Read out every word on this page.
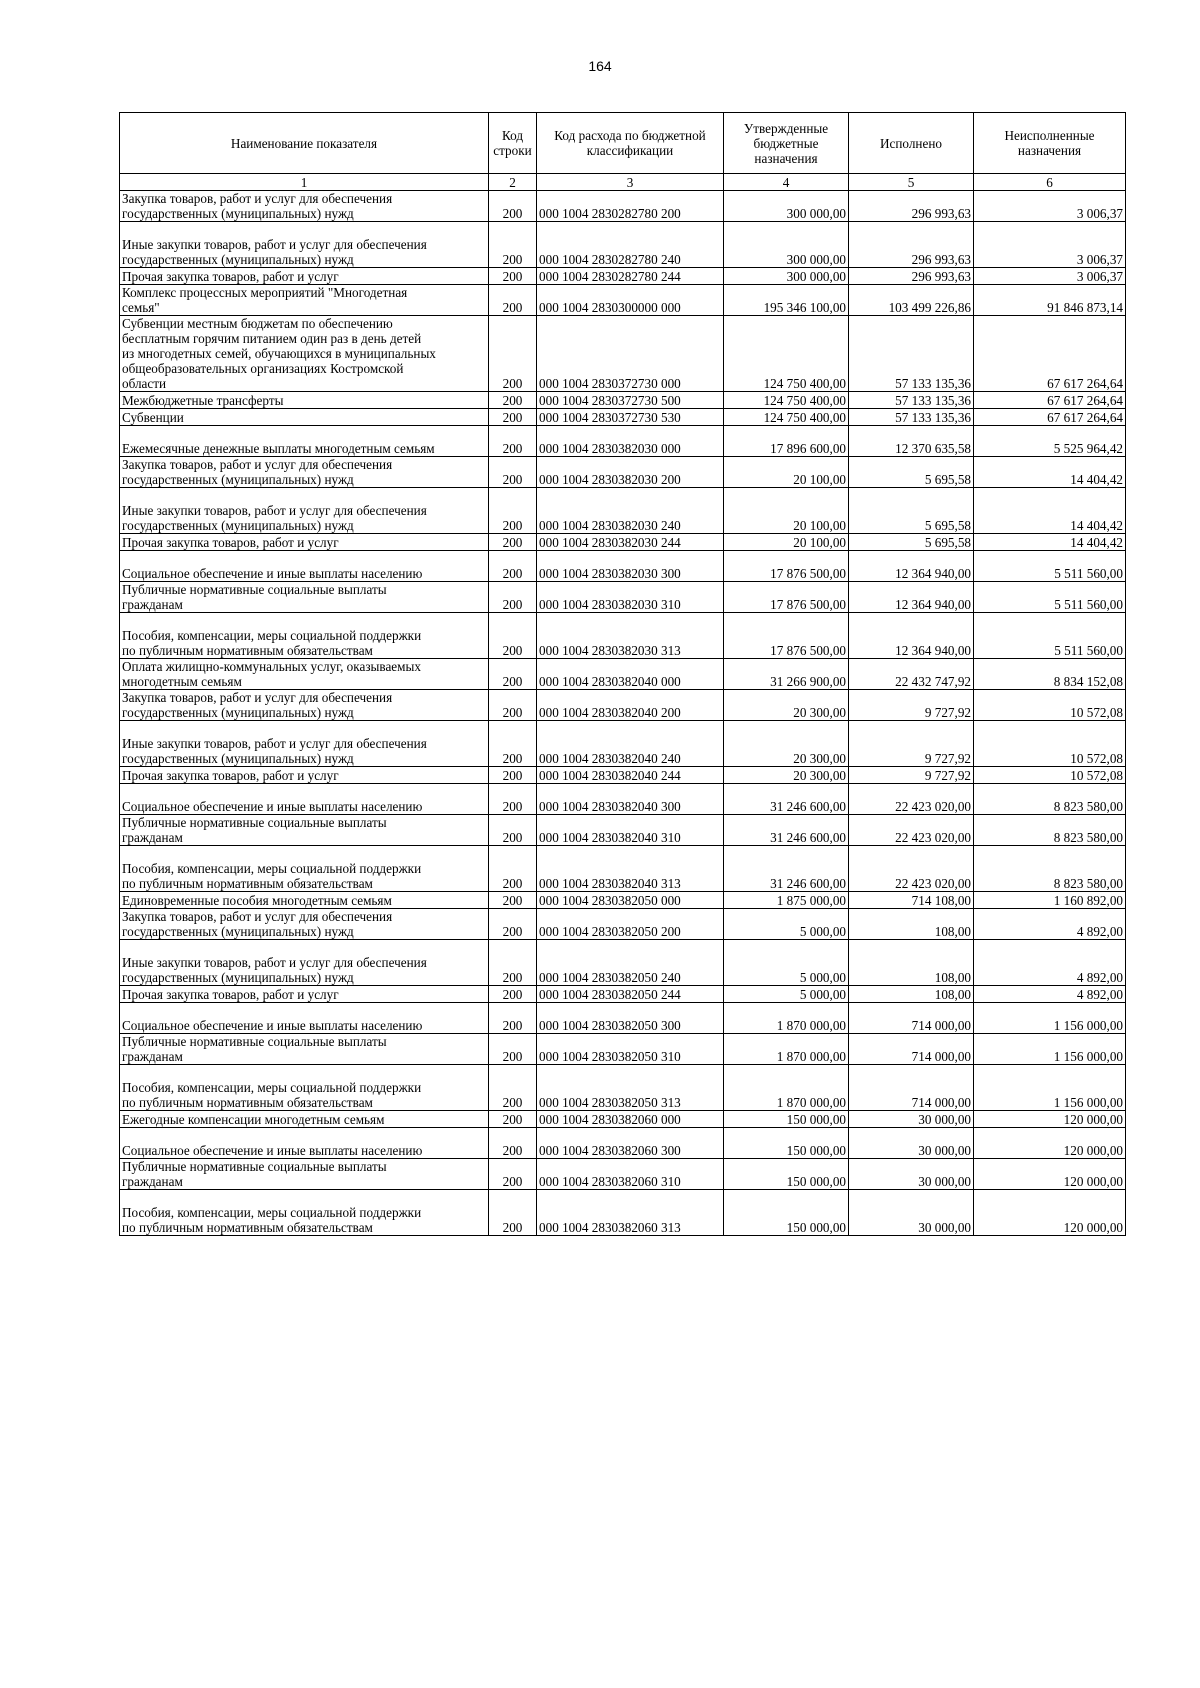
164
Наименование показателя	Код строки	Код расхода по бюджетной классификации	Утвержденные бюджетные назначения	Исполнено	Неисполненные назначения
1	2	3	4	5	6

Закупка товаров, работ и услуг для обеспечения
государственных (муниципальных) нужд	200	000 1004 2830282780 200	300 000,00	296 993,63	3 006,37

Иные закупки товаров, работ и услуг для обеспечения
государственных (муниципальных) нужд	200	000 1004 2830282780 240	300 000,00	296 993,63	3 006,37

Прочая закупка товаров, работ и услуг	200	000 1004 2830282780 244	300 000,00	296 993,63	3 006,37

Комплекс процессных мероприятий "Многодетная
семья"	200	000 1004 2830300000 000	195 346 100,00	103 499 226,86	91 846 873,14

Субвенции местным бюджетам по обеспечению
бесплатным горячим питанием один раз в день детей
из многодетных семей, обучающихся в муниципальных
общеобразовательных организациях Костромской
области	200	000 1004 2830372730 000	124 750 400,00	57 133 135,36	67 617 264,64

Межбюджетные трансферты	200	000 1004 2830372730 500	124 750 400,00	57 133 135,36	67 617 264,64

Субвенции	200	000 1004 2830372730 530	124 750 400,00	57 133 135,36	67 617 264,64

Ежемесячные денежные выплаты многодетным семьям	200	000 1004 2830382030 000	17 896 600,00	12 370 635,58	5 525 964,42

Закупка товаров, работ и услуг для обеспечения
государственных (муниципальных) нужд	200	000 1004 2830382030 200	20 100,00	5 695,58	14 404,42

Иные закупки товаров, работ и услуг для обеспечения
государственных (муниципальных) нужд	200	000 1004 2830382030 240	20 100,00	5 695,58	14 404,42

Прочая закупка товаров, работ и услуг	200	000 1004 2830382030 244	20 100,00	5 695,58	14 404,42

Социальное обеспечение и иные выплаты населению	200	000 1004 2830382030 300	17 876 500,00	12 364 940,00	5 511 560,00

Публичные нормативные социальные выплаты
гражданам	200	000 1004 2830382030 310	17 876 500,00	12 364 940,00	5 511 560,00

Пособия, компенсации, меры социальной поддержки
по публичным нормативным обязательствам	200	000 1004 2830382030 313	17 876 500,00	12 364 940,00	5 511 560,00

Оплата жилищно-коммунальных услуг, оказываемых
многодетным семьям	200	000 1004 2830382040 000	31 266 900,00	22 432 747,92	8 834 152,08

Закупка товаров, работ и услуг для обеспечения
государственных (муниципальных) нужд	200	000 1004 2830382040 200	20 300,00	9 727,92	10 572,08

Иные закупки товаров, работ и услуг для обеспечения
государственных (муниципальных) нужд	200	000 1004 2830382040 240	20 300,00	9 727,92	10 572,08

Прочая закупка товаров, работ и услуг	200	000 1004 2830382040 244	20 300,00	9 727,92	10 572,08

Социальное обеспечение и иные выплаты населению	200	000 1004 2830382040 300	31 246 600,00	22 423 020,00	8 823 580,00

Публичные нормативные социальные выплаты
гражданам	200	000 1004 2830382040 310	31 246 600,00	22 423 020,00	8 823 580,00

Пособия, компенсации, меры социальной поддержки
по публичным нормативным обязательствам	200	000 1004 2830382040 313	31 246 600,00	22 423 020,00	8 823 580,00

Единовременные пособия многодетным семьям	200	000 1004 2830382050 000	1 875 000,00	714 108,00	1 160 892,00

Закупка товаров, работ и услуг для обеспечения
государственных (муниципальных) нужд	200	000 1004 2830382050 200	5 000,00	108,00	4 892,00

Иные закупки товаров, работ и услуг для обеспечения
государственных (муниципальных) нужд	200	000 1004 2830382050 240	5 000,00	108,00	4 892,00

Прочая закупка товаров, работ и услуг	200	000 1004 2830382050 244	5 000,00	108,00	4 892,00

Социальное обеспечение и иные выплаты населению	200	000 1004 2830382050 300	1 870 000,00	714 000,00	1 156 000,00

Публичные нормативные социальные выплаты
гражданам	200	000 1004 2830382050 310	1 870 000,00	714 000,00	1 156 000,00

Пособия, компенсации, меры социальной поддержки
по публичным нормативным обязательствам	200	000 1004 2830382050 313	1 870 000,00	714 000,00	1 156 000,00

Ежегодные компенсации многодетным семьям	200	000 1004 2830382060 000	150 000,00	30 000,00	120 000,00

Социальное обеспечение и иные выплаты населению	200	000 1004 2830382060 300	150 000,00	30 000,00	120 000,00

Публичные нормативные социальные выплаты
гражданам	200	000 1004 2830382060 310	150 000,00	30 000,00	120 000,00

Пособия, компенсации, меры социальной поддержки
по публичным нормативным обязательствам	200	000 1004 2830382060 313	150 000,00	30 000,00	120 000,00
